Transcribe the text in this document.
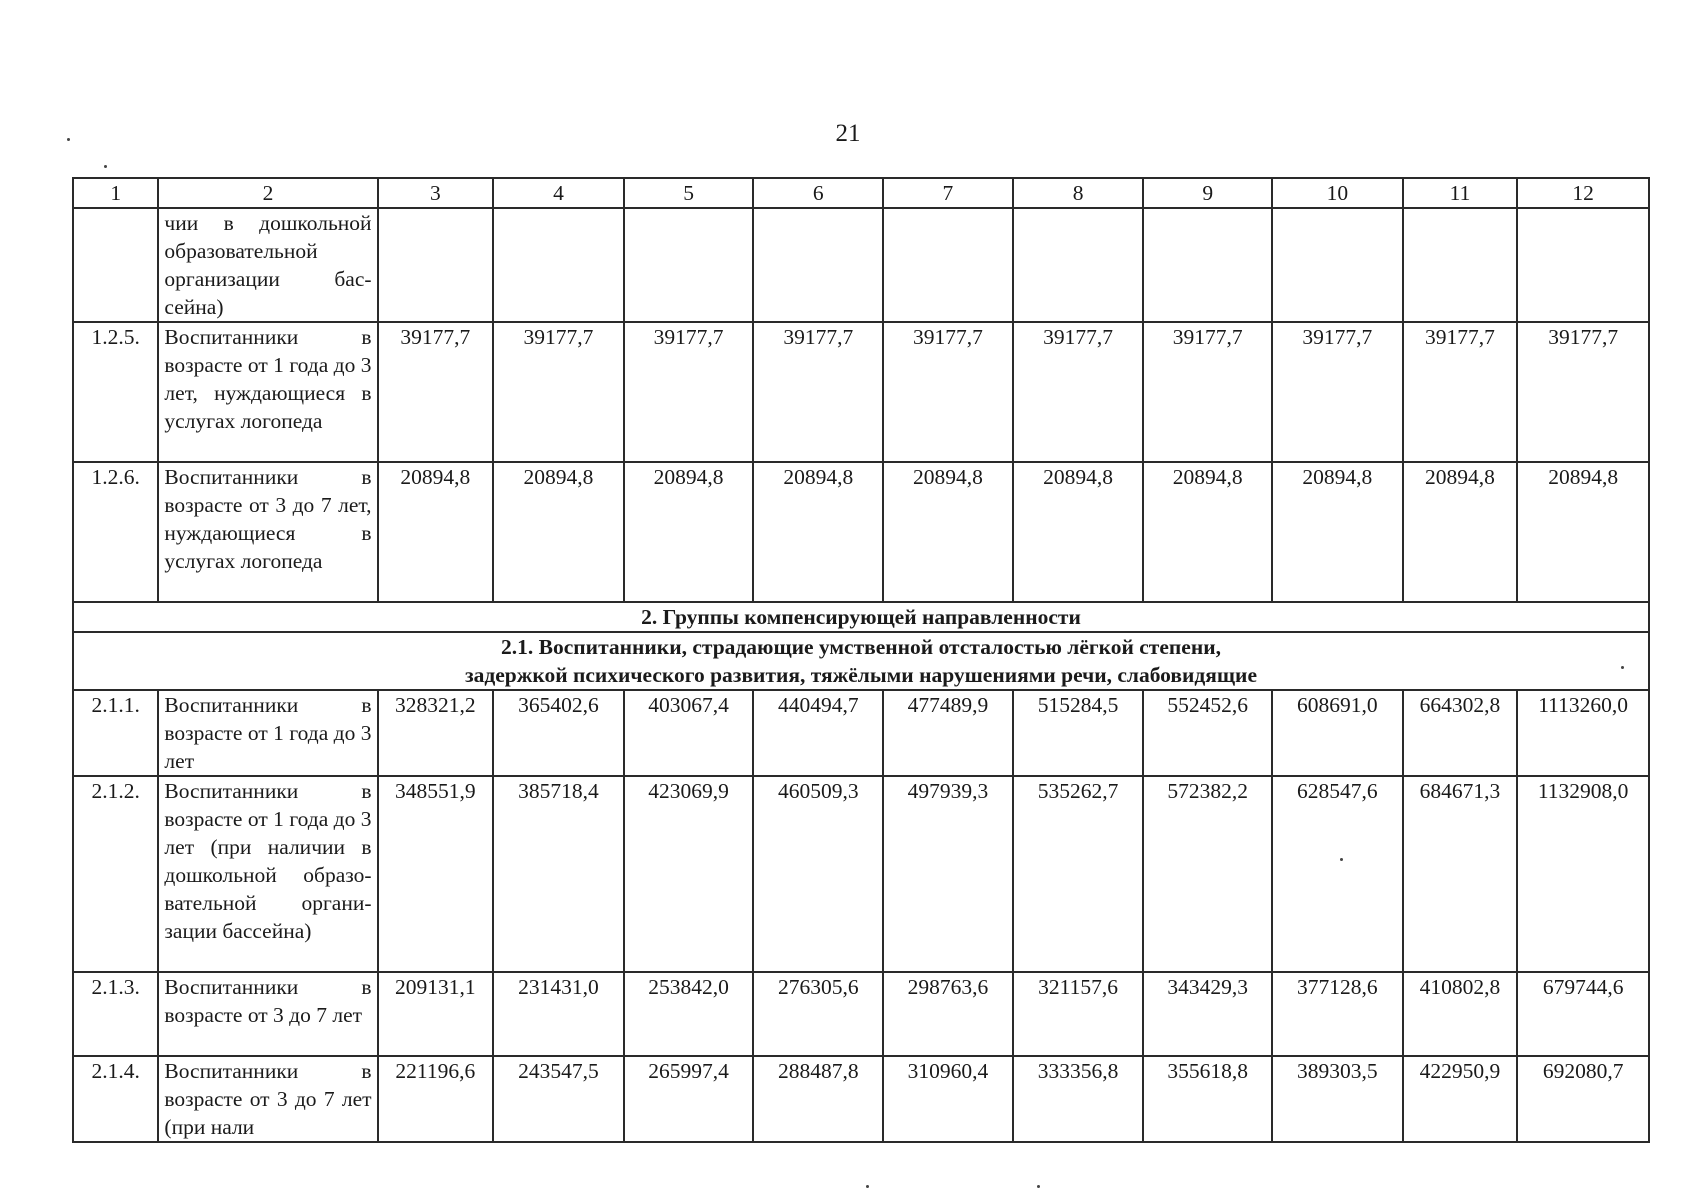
21
1	2	3	4	5	6	7	8	9	10	11	12
	чии в дошкольной образовательной организации бассейна)										
1.2.5.	Воспитанники в возрасте от 1 года до 3 лет, нуждающиеся в услугах логопеда	39177,7	39177,7	39177,7	39177,7	39177,7	39177,7	39177,7	39177,7	39177,7	39177,7
1.2.6.	Воспитанники в возрасте от 3 до 7 лет, нуждающиеся в услугах логопеда	20894,8	20894,8	20894,8	20894,8	20894,8	20894,8	20894,8	20894,8	20894,8	20894,8
2. Группы компенсирующей направленности											

2.1. Воспитанники, страдающие умственной отсталостью лёгкой степени,
задержкой психического развития, тяжёлыми нарушениями речи, слабовидящие											

2.1.1.	Воспитанники в возрасте от 1 года до 3 лет	328321,2	365402,6	403067,4	440494,7	477489,9	515284,5	552452,6	608691,0	664302,8	1113260,0
2.1.2.	Воспитанники в возрасте от 1 года до 3 лет (при наличии в дошкольной образовательной организации бассейна)	348551,9	385718,4	423069,9	460509,3	497939,3	535262,7	572382,2	628547,6	684671,3	1132908,0
2.1.3.	Воспитанники в возрасте от 3 до 7 лет	209131,1	231431,0	253842,0	276305,6	298763,6	321157,6	343429,3	377128,6	410802,8	679744,6
2.1.4.	Воспитанники в возрасте от 3 до 7 лет (при нали	221196,6	243547,5	265997,4	288487,8	310960,4	333356,8	355618,8	389303,5	422950,9	692080,7
